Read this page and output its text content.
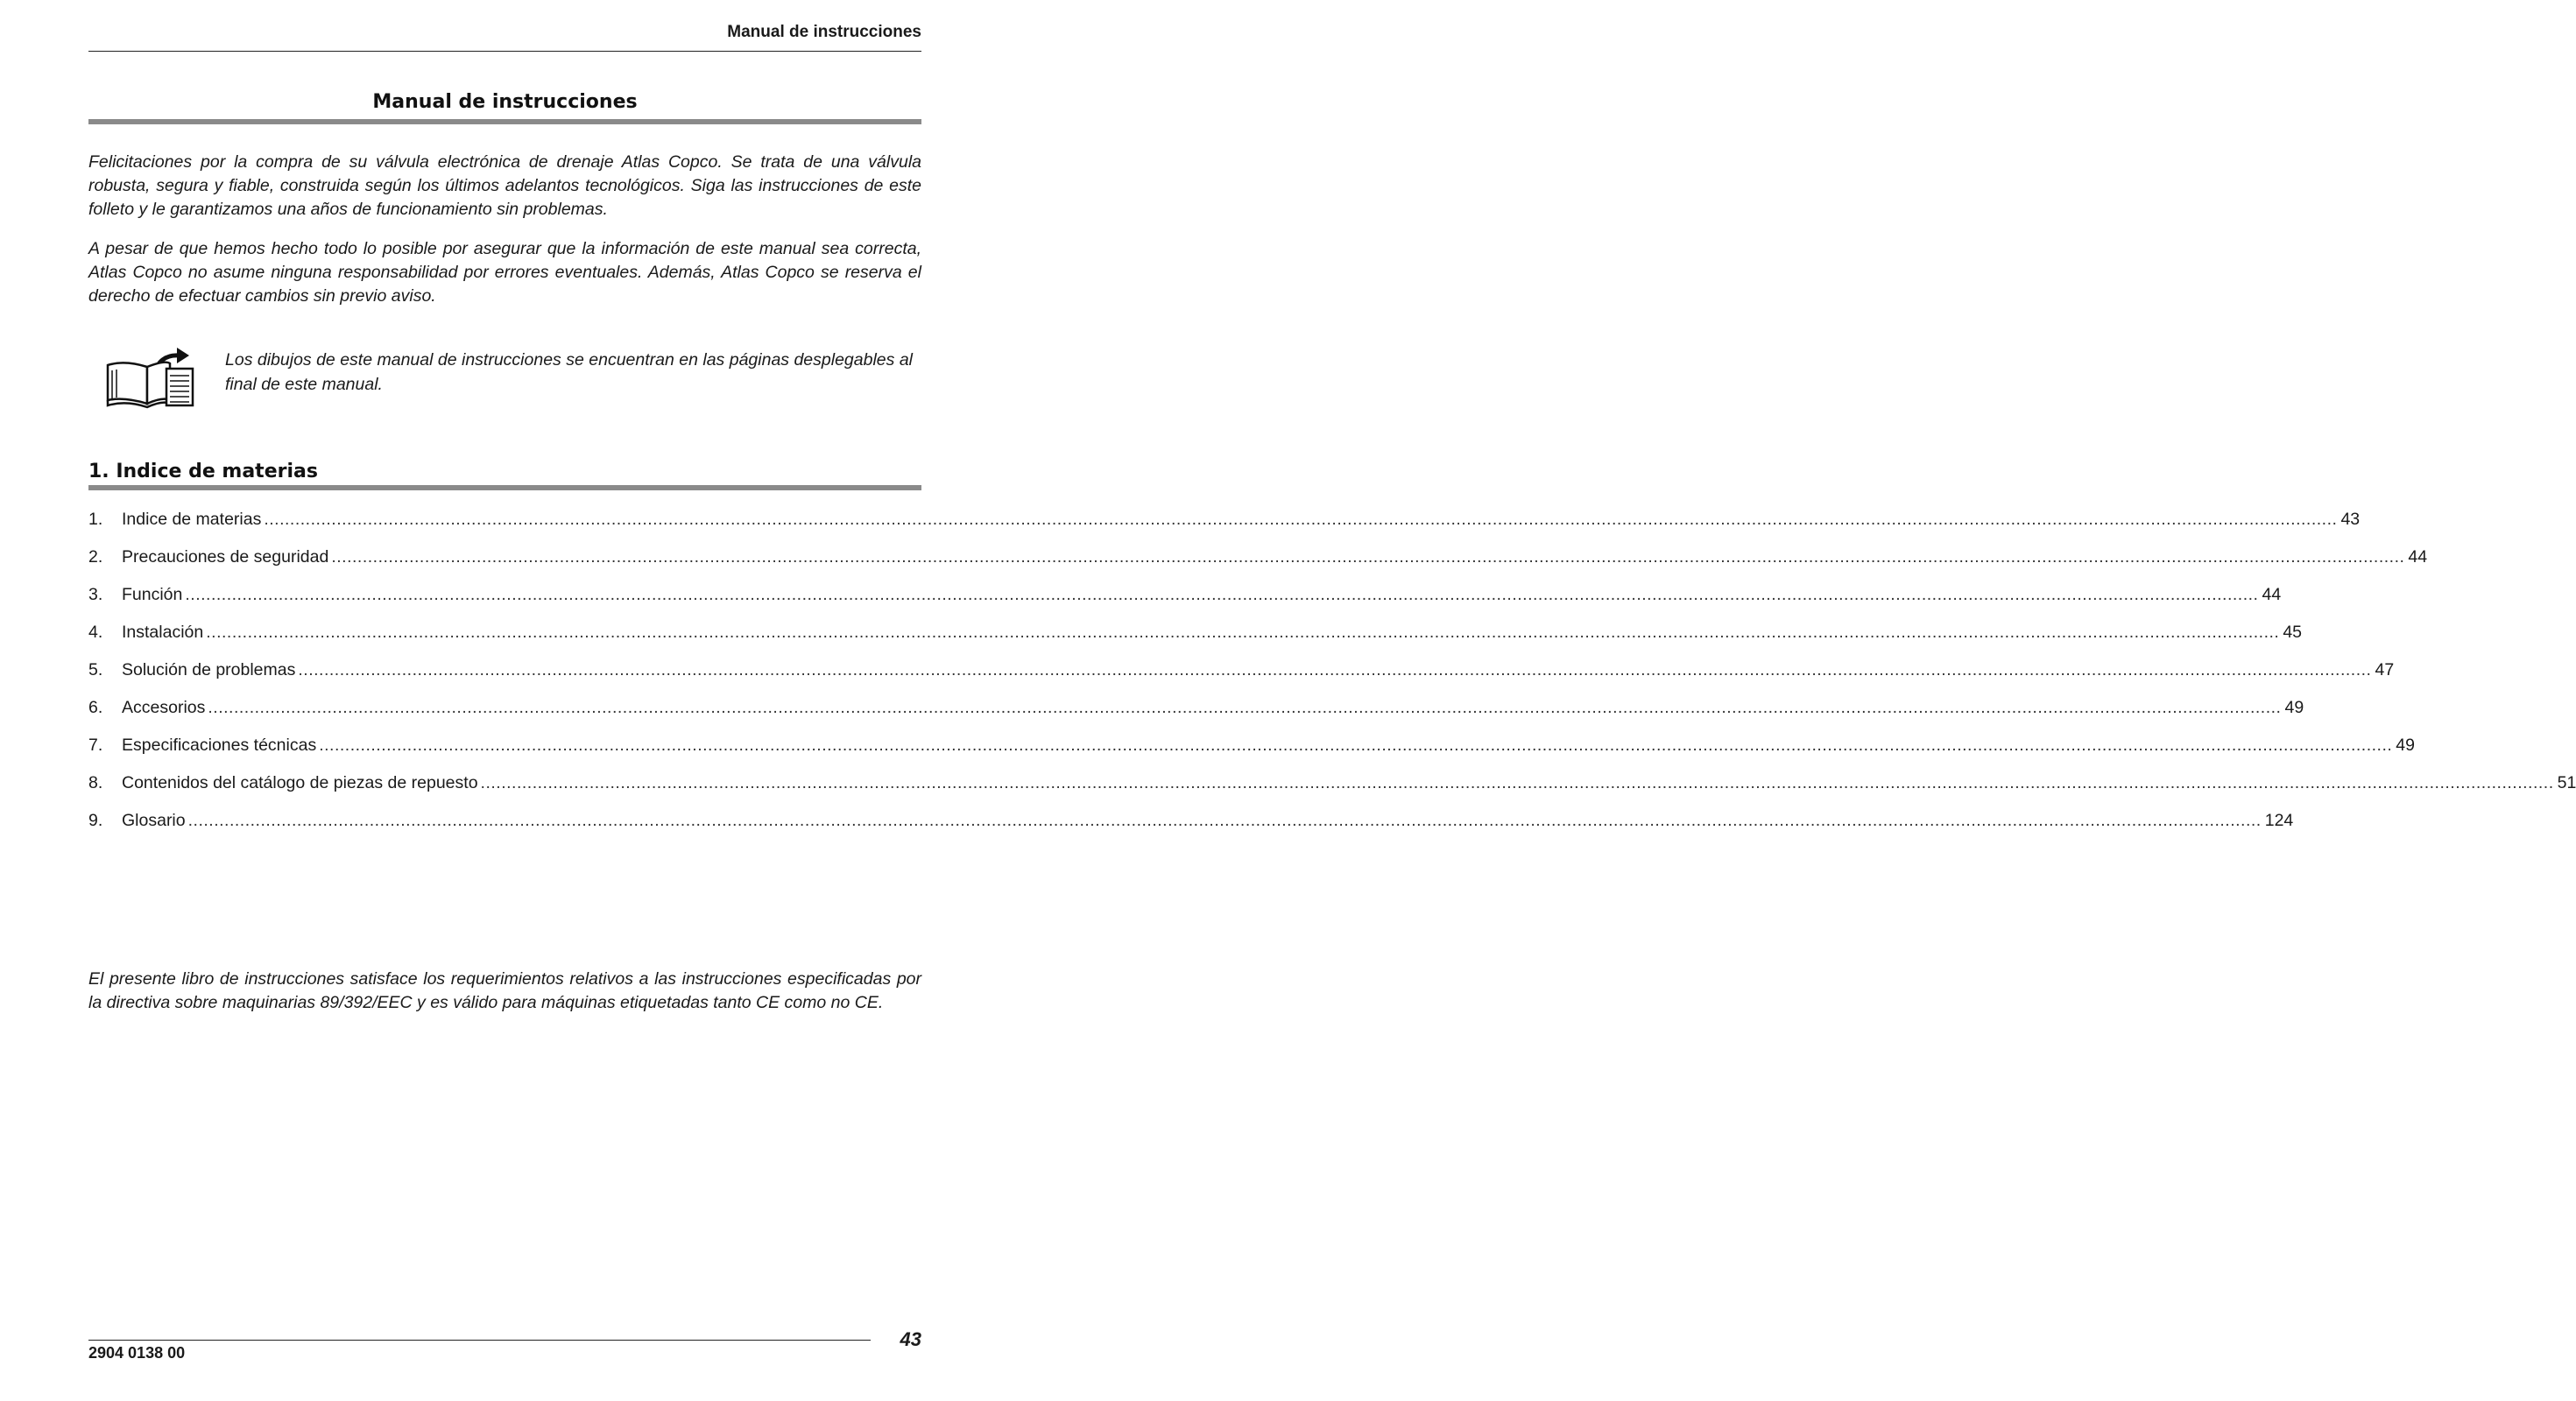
Manual de instrucciones
Manual de instrucciones

Felicitaciones por la compra de su válvula electrónica de drenaje Atlas Copco. Se trata de una válvula robusta, segura y fiable, construida según los últimos adelantos tecnológicos. Siga las instrucciones de este folleto y le garantizamos una años de funcionamiento sin problemas.

A pesar de que hemos hecho todo lo posible por asegurar que la información de este manual sea correcta, Atlas Copco no asume ninguna responsabilidad por errores eventuales. Además, Atlas Copco se reserva el derecho de efectuar cambios sin previo aviso.

Los dibujos de este manual de instrucciones se encuentran en las páginas desplegables al final de este manual.

1. Indice de materias
1.	Indice de materias ................................................................................................................................................................................................................................................................................................................................................................................................................ 43
2.	Precauciones de seguridad ................................................................................................................................................................................................................................................................................................................................................................................................................ 44
3.	Función ................................................................................................................................................................................................................................................................................................................................................................................................................ 44
4.	Instalación ................................................................................................................................................................................................................................................................................................................................................................................................................ 45
5.	Solución de problemas ................................................................................................................................................................................................................................................................................................................................................................................................................ 47
6.	Accesorios ................................................................................................................................................................................................................................................................................................................................................................................................................ 49
7.	Especificaciones técnicas ................................................................................................................................................................................................................................................................................................................................................................................................................ 49
8.	Contenidos del catálogo de piezas de repuesto ................................................................................................................................................................................................................................................................................................................................................................................................................ 51
9.	Glosario ................................................................................................................................................................................................................................................................................................................................................................................................................ 124

El presente libro de instrucciones satisface los requerimientos relativos a las instrucciones especificadas por la directiva sobre maquinarias 89/392/EEC y es válido para máquinas etiquetadas tanto CE como no CE.

2904 0138 00
43
